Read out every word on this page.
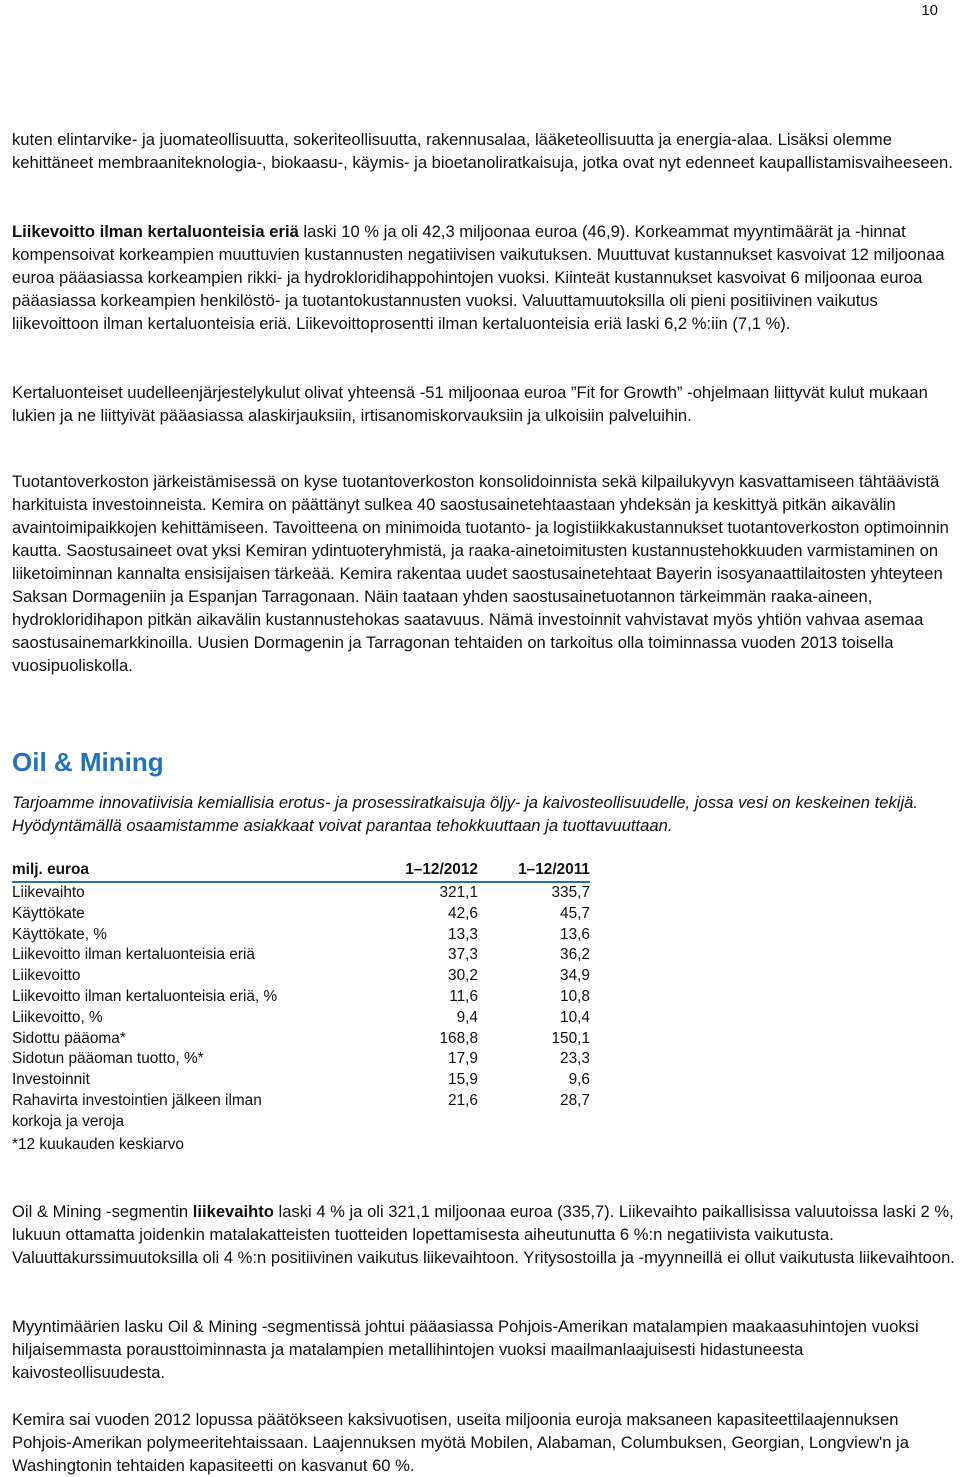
10

kuten elintarvike- ja juomateollisuutta, sokeriteollisuutta, rakennusalaa, lääketeollisuutta ja energia-alaa. Lisäksi olemme kehittäneet membraaniteknologia-, biokaasu-, käymis- ja bioetanoliratkaisuja, jotka ovat nyt edenneet kaupallistamisvaiheeseen.

Liikevoitto ilman kertaluonteisia eriä laski 10 % ja oli 42,3 miljoonaa euroa (46,9). Korkeammat myyntimäärät ja -hinnat kompensoivat korkeampien muuttuvien kustannusten negatiivisen vaikutuksen. Muuttuvat kustannukset kasvoivat 12 miljoonaa euroa pääasiassa korkeampien rikki- ja hydrokloridihappohintojen vuoksi. Kiinteät kustannukset kasvoivat 6 miljoonaa euroa pääasiassa korkeampien henkilöstö- ja tuotantokustannusten vuoksi. Valuuttamuutoksilla oli pieni positiivinen vaikutus liikevoittoon ilman kertaluonteisia eriä. Liikevoittoprosentti ilman kertaluonteisia eriä laski 6,2 %:iin (7,1 %).

Kertaluonteiset uudelleenjärjestelykulut olivat yhteensä -51 miljoonaa euroa ”Fit for Growth” -ohjelmaan liittyvät kulut mukaan lukien ja ne liittyivät pääasiassa alaskirjauksiin, irtisanomiskorvauksiin ja ulkoisiin palveluihin.

Tuotantoverkoston järkeistämisessä on kyse tuotantoverkoston konsolidoinnista sekä kilpailukyvyn kasvattamiseen tähtäävistä harkituista investoinneista. Kemira on päättänyt sulkea 40 saostusainetehtaastaan yhdeksän ja keskittyä pitkän aikavälin avaintoimipaikkojen kehittämiseen. Tavoitteena on minimoida tuotanto- ja logistiikkakustannukset tuotantoverkoston optimoinnin kautta. Saostusaineet ovat yksi Kemiran ydintuoteryhmistä, ja raaka-ainetoimitusten kustannustehokkuuden varmistaminen on liiketoiminnan kannalta ensisijaisen tärkeää. Kemira rakentaa uudet saostusainetehtaat Bayerin isosyanaattilaitosten yhteyteen Saksan Dormageniin ja Espanjan Tarragonaan. Näin taataan yhden saostusainetuotannon tärkeimmän raaka-aineen, hydrokloridihapon pitkän aikavälin kustannustehokas saatavuus. Nämä investoinnit vahvistavat myös yhtiön vahvaa asemaa saostusainemarkkinoilla. Uusien Dormagenin ja Tarragonan tehtaiden on tarkoitus olla toiminnassa vuoden 2013 toisella vuosipuoliskolla.

Oil & Mining

Tarjoamme innovatiivisia kemiallisia erotus- ja prosessiratkaisuja öljy- ja kaivosteollisuudelle, jossa vesi on keskeinen tekijä. Hyödyntämällä osaamistamme asiakkaat voivat parantaa tehokkuuttaan ja tuottavuuttaan.

milj. euroa	1–12/2012	1–12/2011
Liikevaihto	321,1	335,7
Käyttökate	42,6	45,7
Käyttökate, %	13,3	13,6
Liikevoitto ilman kertaluonteisia eriä	37,3	36,2
Liikevoitto	30,2	34,9
Liikevoitto ilman kertaluonteisia eriä, %	11,6	10,8
Liikevoitto, %	9,4	10,4
Sidottu pääoma*	168,8	150,1
Sidotun pääoman tuotto, %*	17,9	23,3
Investoinnit	15,9	9,6
Rahavirta investointien jälkeen ilman korkoja ja veroja	21,6	28,7
*12 kuukauden keskiarvo

Oil & Mining -segmentin liikevaihto laski 4 % ja oli 321,1 miljoonaa euroa (335,7). Liikevaihto paikallisissa valuutoissa laski 2 %, lukuun ottamatta joidenkin matalakatteisten tuotteiden lopettamisesta aiheutunutta 6 %:n negatiivista vaikutusta. Valuuttakurssimuutoksilla oli 4 %:n positiivinen vaikutus liikevaihtoon. Yritysostoilla ja -myynneillä ei ollut vaikutusta liikevaihtoon.

Myyntimäärien lasku Oil & Mining -segmentissä johtui pääasiassa Pohjois-Amerikan matalampien maakaasuhintojen vuoksi hiljaisemmasta porausttoiminnasta ja matalampien metallihintojen vuoksi maailmanlaajuisesti hidastuneesta kaivosteollisuudesta.

Kemira sai vuoden 2012 lopussa päätökseen kaksivuotisen, useita miljoonia euroja maksaneen kapasiteettilaajennuksen Pohjois-Amerikan polymeeritehtaissaan. Laajennuksen myötä Mobilen, Alabaman, Columbuksen, Georgian, Longview'n ja Washingtonin tehtaiden kapasiteetti on kasvanut 60 %.
